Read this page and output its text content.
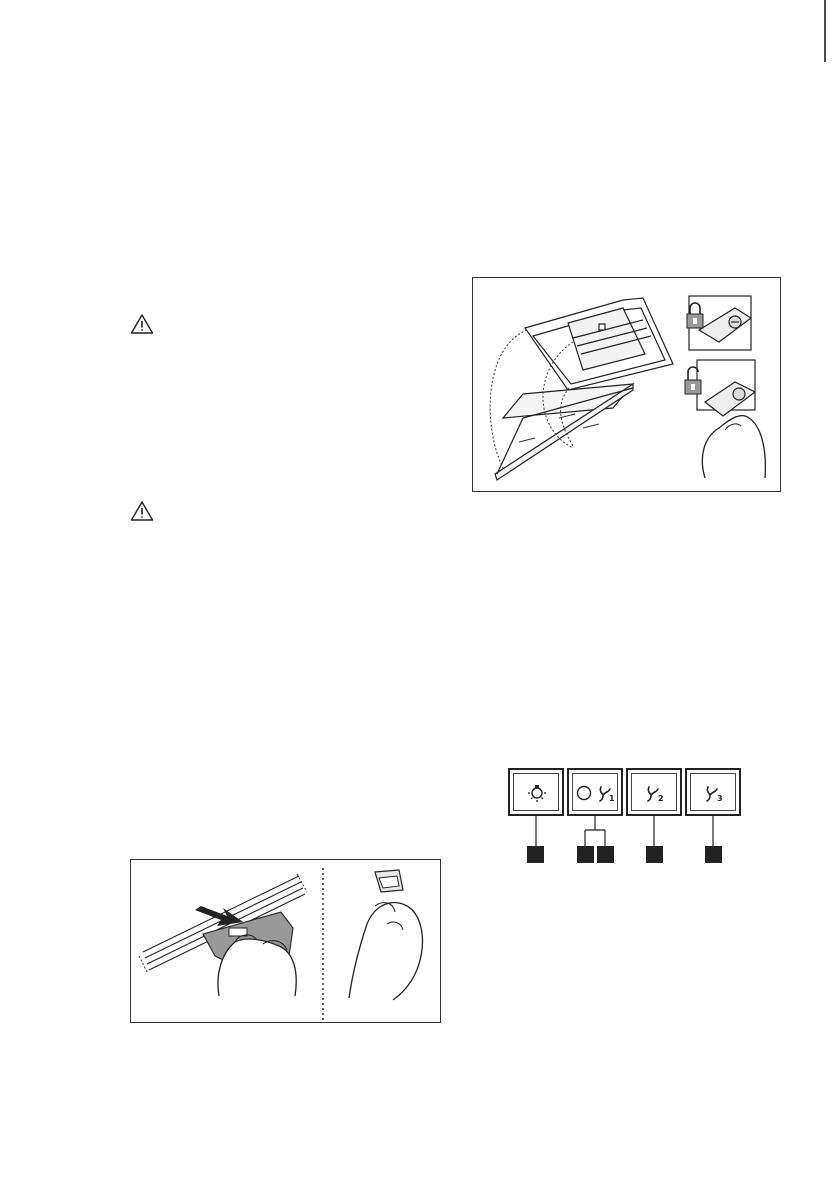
1	2	3
